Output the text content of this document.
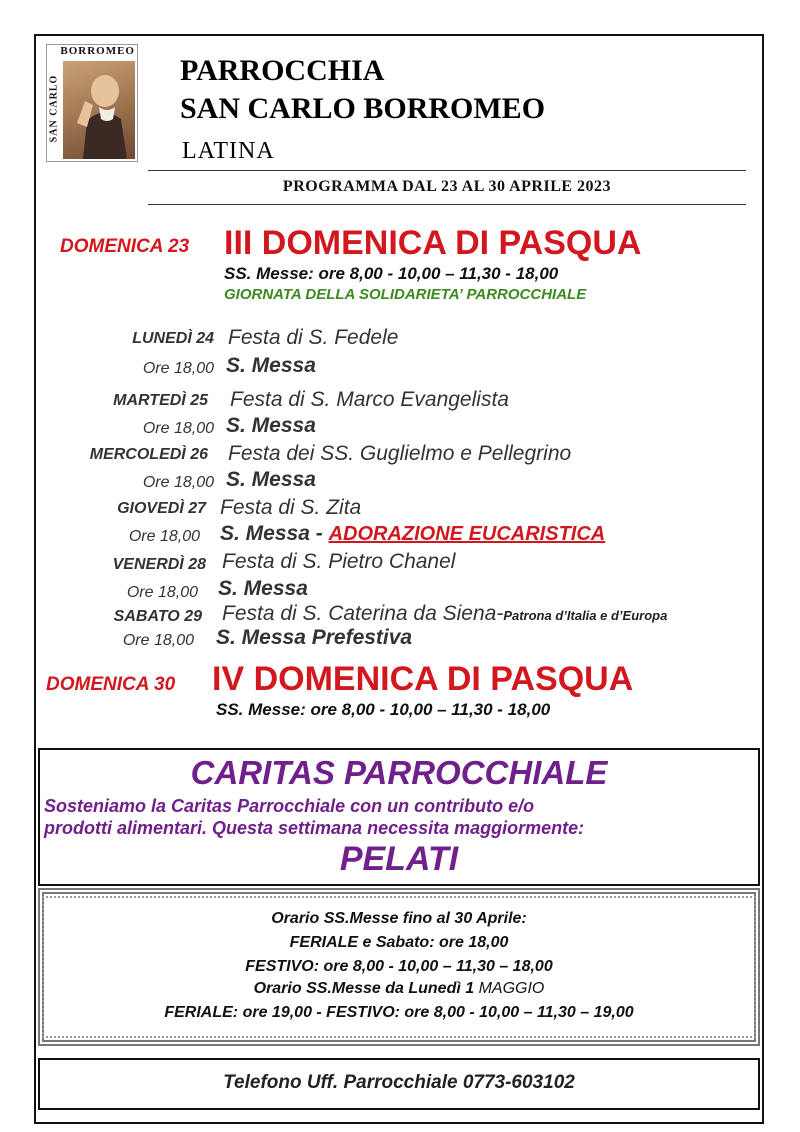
BORROMEO
SAN CARLO
PARROCCHIA
SAN CARLO BORROMEO
LATINA
PROGRAMMA DAL 23 AL 30 APRILE 2023
DOMENICA 23 III DOMENICA DI PASQUA
SS. Messe: ore 8,00 - 10,00 – 11,30 - 18,00
GIORNATA DELLA SOLIDARIETA’ PARROCCHIALE
LUNEDÌ 24 Festa di S. Fedele
Ore 18,00 S. Messa
MARTEDÌ 25 Festa di S. Marco Evangelista
Ore 18,00 S. Messa
MERCOLEDÌ 26 Festa dei SS. Guglielmo e Pellegrino
Ore 18,00 S. Messa
GIOVEDÌ 27 Festa di S. Zita
Ore 18,00 S. Messa - ADORAZIONE EUCARISTICA
VENERDÌ 28 Festa di S. Pietro Chanel
Ore 18,00 S. Messa
SABATO 29 Festa di S. Caterina da Siena-Patrona d’Italia e d’Europa
Ore 18,00 S. Messa Prefestiva
DOMENICA 30 IV DOMENICA DI PASQUA
SS. Messe: ore 8,00 - 10,00 – 11,30 - 18,00
CARITAS PARROCCHIALE
Sosteniamo la Caritas Parrocchiale con un contributo e/o
prodotti alimentari. Questa settimana necessita maggiormente:
PELATI
Orario SS.Messe fino al 30 Aprile:
FERIALE e Sabato: ore 18,00
FESTIVO: ore 8,00 - 10,00 – 11,30 – 18,00
Orario SS.Messe da Lunedì 1 MAGGIO
FERIALE: ore 19,00 - FESTIVO: ore 8,00 - 10,00 – 11,30 – 19,00
Telefono Uff. Parrocchiale 0773-603102
